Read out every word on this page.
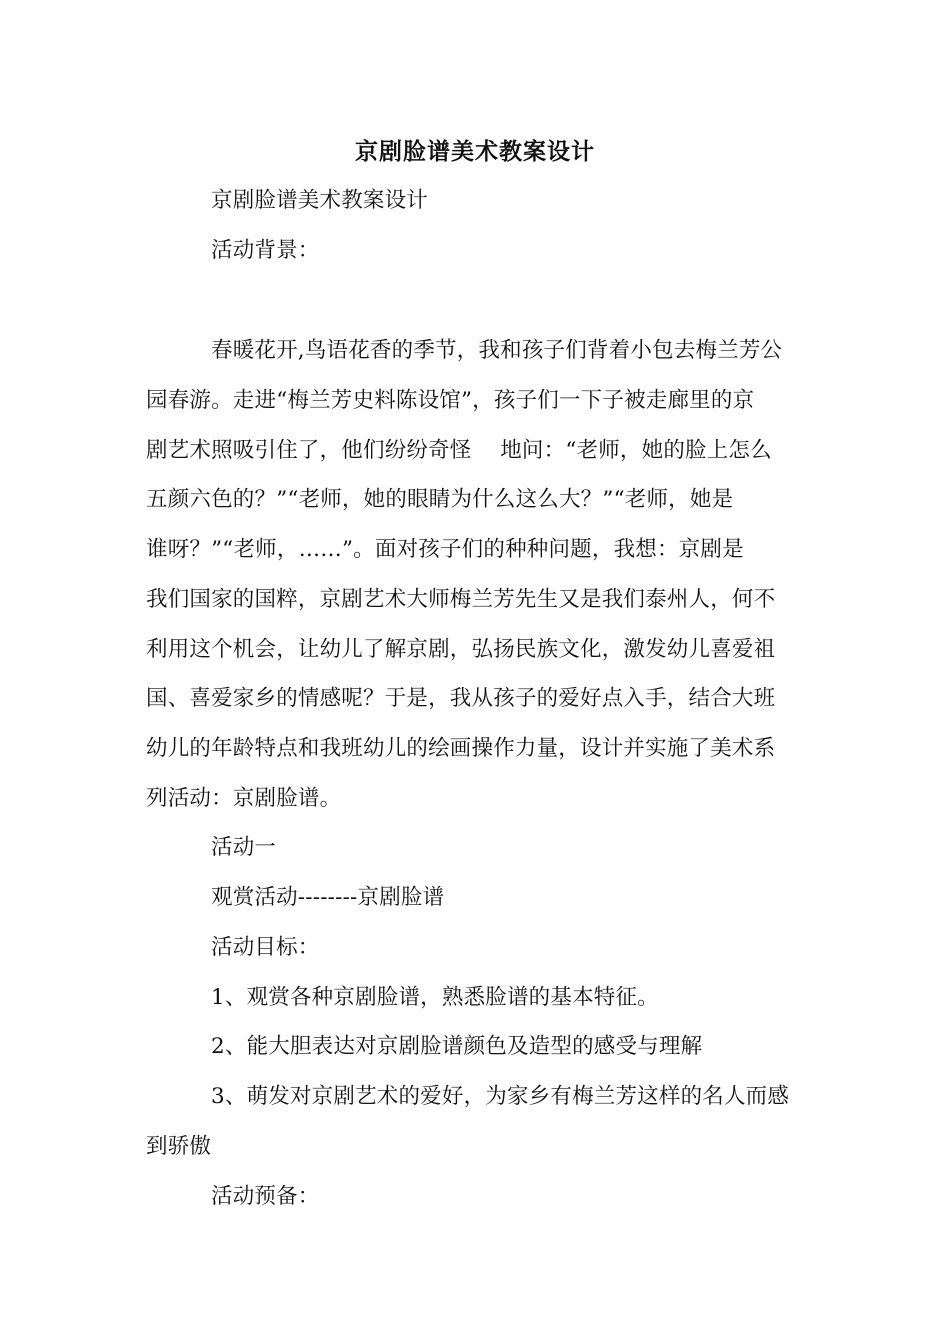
京剧脸谱美术教案设计
京剧脸谱美术教案设计
活动背景：
春暖花开,鸟语花香的季节，我和孩子们背着小包去梅兰芳公
园春游。走进“梅兰芳史料陈设馆”，孩子们一下子被走廊里的京
剧艺术照吸引住了，他们纷纷奇怪　 地问：“老师，她的脸上怎么
五颜六色的？”“老师，她的眼睛为什么这么大？”“老师，她是
谁呀？”“老师，……”。面对孩子们的种种问题，我想：京剧是
我们国家的国粹，京剧艺术大师梅兰芳先生又是我们泰州人，何不
利用这个机会，让幼儿了解京剧，弘扬民族文化，激发幼儿喜爱祖
国、喜爱家乡的情感呢？于是，我从孩子的爱好点入手，结合大班
幼儿的年龄特点和我班幼儿的绘画操作力量，设计并实施了美术系
列活动：京剧脸谱。
活动一
观赏活动--------京剧脸谱
活动目标：
1、观赏各种京剧脸谱，熟悉脸谱的基本特征。
2、能大胆表达对京剧脸谱颜色及造型的感受与理解
3、萌发对京剧艺术的爱好，为家乡有梅兰芳这样的名人而感
到骄傲
活动预备：
